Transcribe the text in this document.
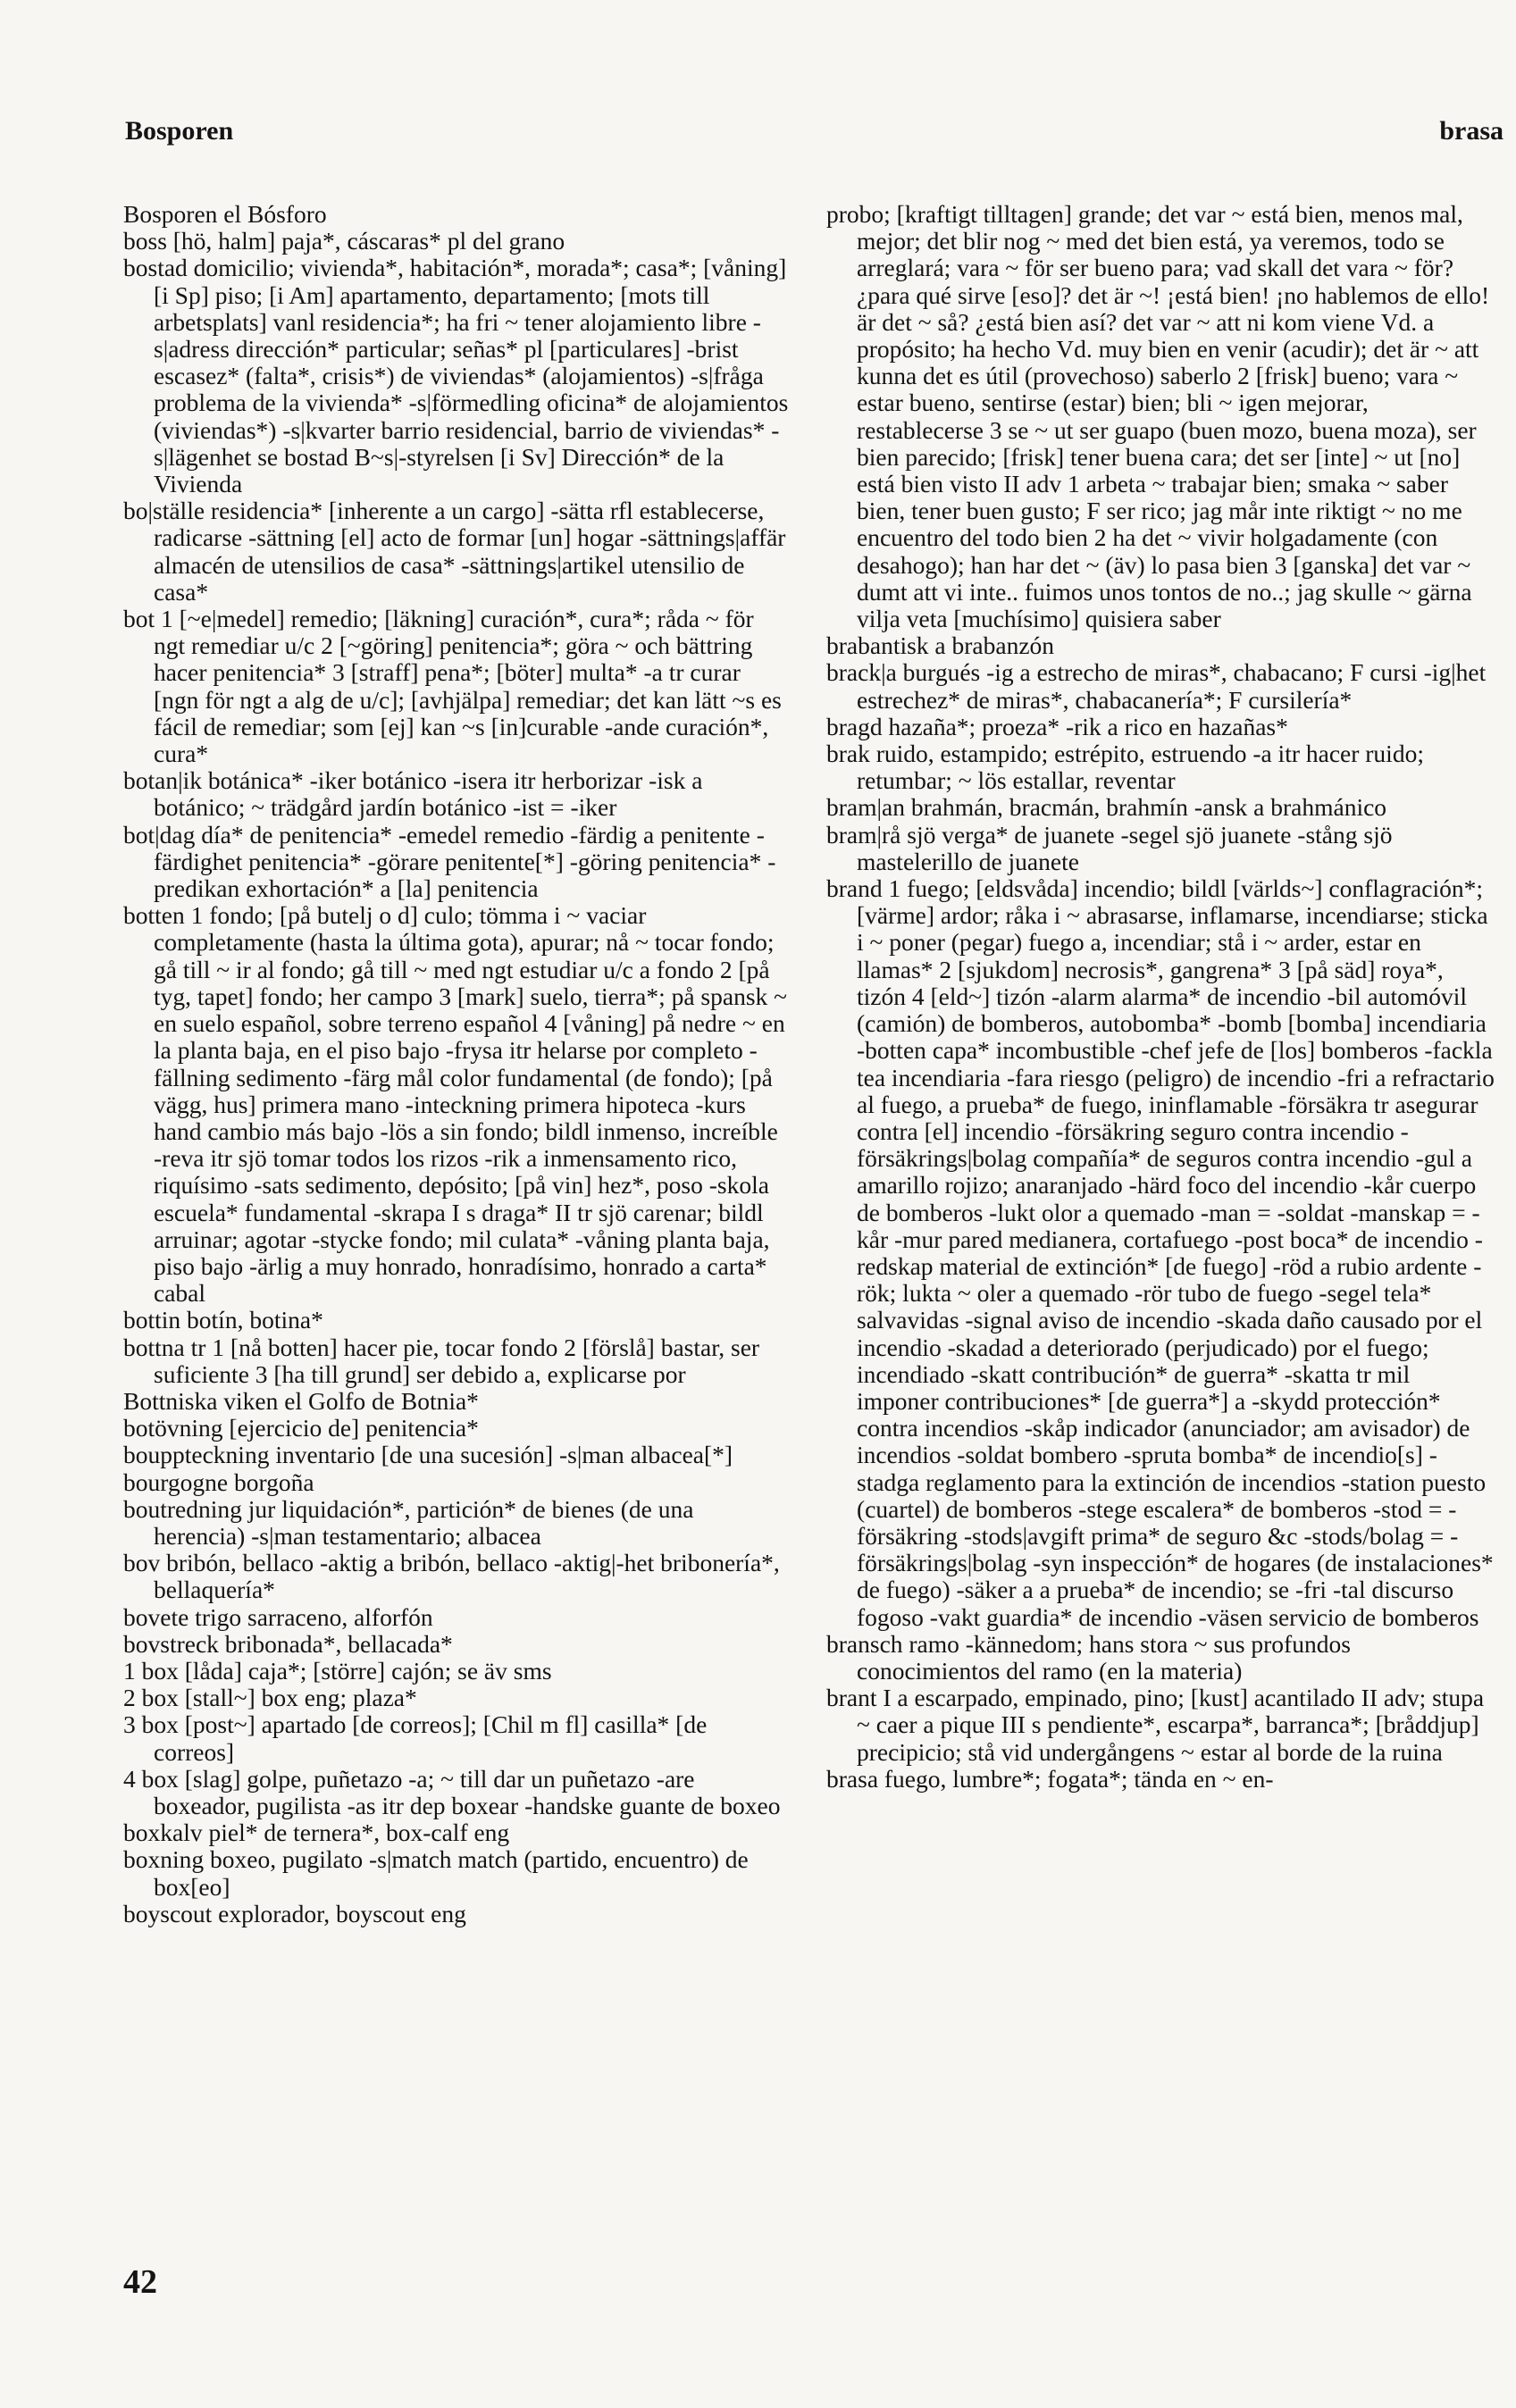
Bosporen	brasa

Bosporen el Bósforo

boss [hö, halm] paja*, cáscaras* pl del grano

bostad domicilio; vivienda*, habitación*, morada*; casa*; [våning] [i Sp] piso; [i Am] apartamento, departamento; [mots till arbetsplats] vanl residencia*; ha fri ~ tener alojamiento libre -s|adress dirección* particular; señas* pl [particulares] -brist escasez* (falta*, crisis*) de viviendas* (alojamientos) -s|fråga problema de la vivienda* -s|förmedling oficina* de alojamientos (viviendas*) -s|kvarter barrio residencial, barrio de viviendas* -s|lägenhet se bostad B~s|-styrelsen [i Sv] Dirección* de la Vivienda

bo|ställe residencia* [inherente a un cargo] -sätta rfl establecerse, radicarse -sättning [el] acto de formar [un] hogar -sättnings|affär almacén de utensilios de casa* -sättnings|artikel utensilio de casa*

bot 1 [~e|medel] remedio; [läkning] curación*, cura*; råda ~ för ngt remediar u/c 2 [~göring] penitencia*; göra ~ och bättring hacer penitencia* 3 [straff] pena*; [böter] multa* -a tr curar [ngn för ngt a alg de u/c]; [avhjälpa] remediar; det kan lätt ~s es fácil de remediar; som [ej] kan ~s [in]curable -ande curación*, cura*

botan|ik botánica* -iker botánico -isera itr herborizar -isk a botánico; ~ trädgård jardín botánico -ist = -iker

bot|dag día* de penitencia* -emedel remedio -färdig a penitente -färdighet penitencia* -görare penitente[*] -göring penitencia* -predikan exhortación* a [la] penitencia

botten 1 fondo; [på butelj o d] culo; tömma i ~ vaciar completamente (hasta la última gota), apurar; nå ~ tocar fondo; gå till ~ ir al fondo; gå till ~ med ngt estudiar u/c a fondo 2 [på tyg, tapet] fondo; her campo 3 [mark] suelo, tierra*; på spansk ~ en suelo español, sobre terreno español 4 [våning] på nedre ~ en la planta baja, en el piso bajo -frysa itr helarse por completo -fällning sedimento -färg mål color fundamental (de fondo); [på vägg, hus] primera mano -inteckning primera hipoteca -kurs hand cambio más bajo -lös a sin fondo; bildl inmenso, increíble -reva itr sjö tomar todos los rizos -rik a inmensamento rico, riquísimo -sats sedimento, depósito; [på vin] hez*, poso -skola escuela* fundamental -skrapa I s draga* II tr sjö carenar; bildl arruinar; agotar -stycke fondo; mil culata* -våning planta baja, piso bajo -ärlig a muy honrado, honradísimo, honrado a carta* cabal

bottin botín, botina*

bottna tr 1 [nå botten] hacer pie, tocar fondo 2 [förslå] bastar, ser suficiente 3 [ha till grund] ser debido a, explicarse por

Bottniska viken el Golfo de Botnia*

botövning [ejercicio de] penitencia*

bouppteckning inventario [de una sucesión] -s|man albacea[*]

bourgogne borgoña

boutredning jur liquidación*, partición* de bienes (de una herencia) -s|man testamentario; albacea

bov bribón, bellaco -aktig a bribón, bellaco -aktig|-het bribonería*, bellaquería*

bovete trigo sarraceno, alforfón

bovstreck bribonada*, bellacada*

1 box [låda] caja*; [större] cajón; se äv sms

2 box [stall~] box eng; plaza*

3 box [post~] apartado [de correos]; [Chil m fl] casilla* [de correos]

4 box [slag] golpe, puñetazo -a; ~ till dar un puñetazo -are boxeador, pugilista -as itr dep boxear -handske guante de boxeo

boxkalv piel* de ternera*, box-calf eng

boxning boxeo, pugilato -s|match match (partido, encuentro) de box[eo]

boyscout explorador, boyscout eng

probo; [kraftigt tilltagen] grande; det var ~ está bien, menos mal, mejor; det blir nog ~ med det bien está, ya veremos, todo se arreglará; vara ~ för ser bueno para; vad skall det vara ~ för? ¿para qué sirve [eso]? det är ~! ¡está bien! ¡no hablemos de ello! är det ~ så? ¿está bien así? det var ~ att ni kom viene Vd. a propósito; ha hecho Vd. muy bien en venir (acudir); det är ~ att kunna det es útil (provechoso) saberlo 2 [frisk] bueno; vara ~ estar bueno, sentirse (estar) bien; bli ~ igen mejorar, restablecerse 3 se ~ ut ser guapo (buen mozo, buena moza), ser bien parecido; [frisk] tener buena cara; det ser [inte] ~ ut [no] está bien visto II adv 1 arbeta ~ trabajar bien; smaka ~ saber bien, tener buen gusto; F ser rico; jag mår inte riktigt ~ no me encuentro del todo bien 2 ha det ~ vivir holgadamente (con desahogo); han har det ~ (äv) lo pasa bien 3 [ganska] det var ~ dumt att vi inte.. fuimos unos tontos de no..; jag skulle ~ gärna vilja veta [muchísimo] quisiera saber

brabantisk a brabanzón

brack|a burgués -ig a estrecho de miras*, chabacano; F cursi -ig|het estrechez* de miras*, chabacanería*; F cursilería*

bragd hazaña*; proeza* -rik a rico en hazañas*

brak ruido, estampido; estrépito, estruendo -a itr hacer ruido; retumbar; ~ lös estallar, reventar

bram|an brahmán, bracmán, brahmín -ansk a brahmánico

bram|rå sjö verga* de juanete -segel sjö juanete -stång sjö mastelerillo de juanete

brand 1 fuego; [eldsvåda] incendio; bildl [världs~] conflagración*; [värme] ardor; råka i ~ abrasarse, inflamarse, incendiarse; sticka i ~ poner (pegar) fuego a, incendiar; stå i ~ arder, estar en llamas* 2 [sjukdom] necrosis*, gangrena* 3 [på säd] roya*, tizón 4 [eld~] tizón -alarm alarma* de incendio -bil automóvil (camión) de bomberos, autobomba* -bomb [bomba] incendiaria -botten capa* incombustible -chef jefe de [los] bomberos -fackla tea incendiaria -fara riesgo (peligro) de incendio -fri a refractario al fuego, a prueba* de fuego, ininflamable -försäkra tr asegurar contra [el] incendio -försäkring seguro contra incendio -försäkrings|bolag compañía* de seguros contra incendio -gul a amarillo rojizo; anaranjado -härd foco del incendio -kår cuerpo de bomberos -lukt olor a quemado -man = -soldat -manskap = -kår -mur pared medianera, cortafuego -post boca* de incendio -redskap material de extinción* [de fuego] -röd a rubio ardente -rök; lukta ~ oler a quemado -rör tubo de fuego -segel tela* salvavidas -signal aviso de incendio -skada daño causado por el incendio -skadad a deteriorado (perjudicado) por el fuego; incendiado -skatt contribución* de guerra* -skatta tr mil imponer contribuciones* [de guerra*] a -skydd protección* contra incendios -skåp indicador (anunciador; am avisador) de incendios -soldat bombero -spruta bomba* de incendio[s] -stadga reglamento para la extinción de incendios -station puesto (cuartel) de bomberos -stege escalera* de bomberos -stod = -försäkring -stods|avgift prima* de seguro &c -stods/bolag = -försäkrings|bolag -syn inspección* de hogares (de instalaciones* de fuego) -säker a a prueba* de incendio; se -fri -tal discurso fogoso -vakt guardia* de incendio -väsen servicio de bomberos

bransch ramo -kännedom; hans stora ~ sus profundos conocimientos del ramo (en la materia)

brant I a escarpado, empinado, pino; [kust] acantilado II adv; stupa ~ caer a pique III s pendiente*, escarpa*, barranca*; [bråddjup] precipicio; stå vid undergångens ~ estar al borde de la ruina

brasa fuego, lumbre*; fogata*; tända en ~ en-

42
